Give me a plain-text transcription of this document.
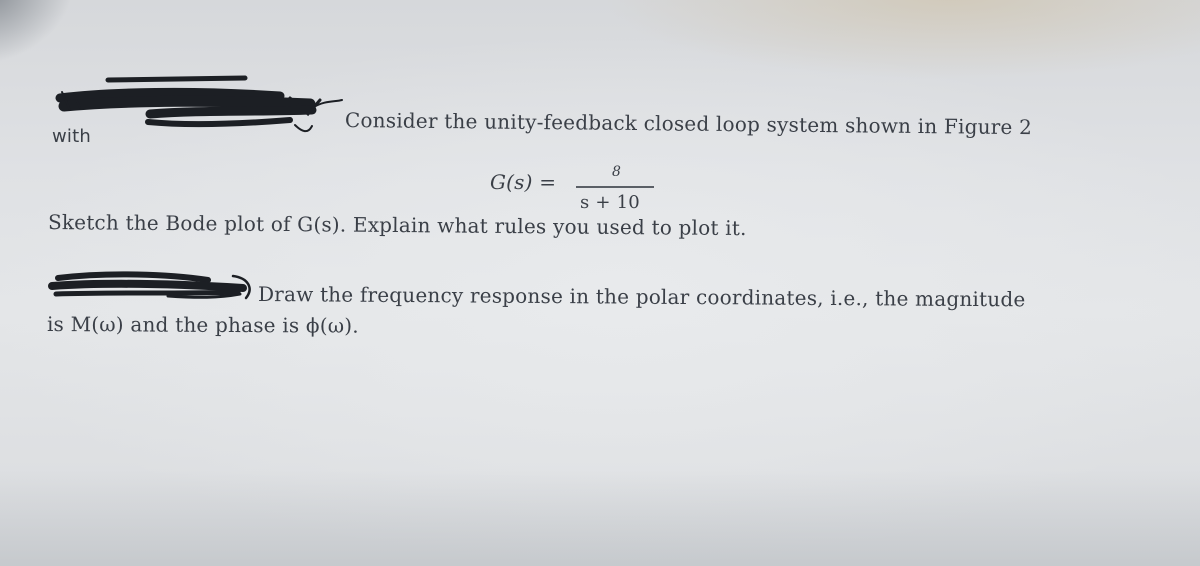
Consider the unity-feedback closed loop system shown in Figure 2
with
G(s) =	8
s + 10
Sketch the Bode plot of G(s). Explain what rules you used to plot it.
Draw the frequency response in the polar coordinates, i.e., the magnitude
is M(ω) and the phase is ϕ(ω).
